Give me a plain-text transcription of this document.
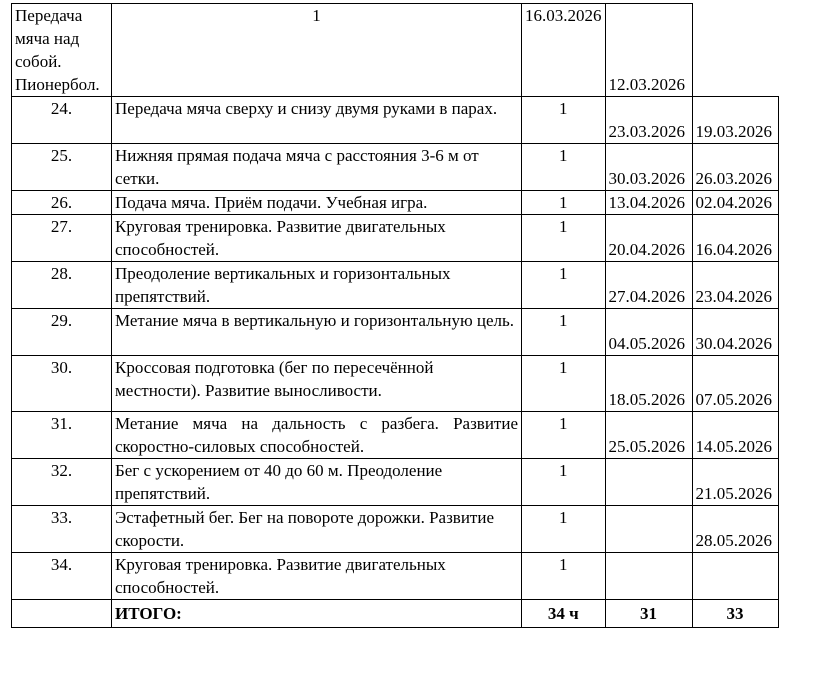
Передача мяча над собой. Пионербол.	1	16.03.2026	12.03.2026	
24.	Передача мяча сверху и снизу двумя руками в парах.	1	23.03.2026	19.03.2026
25.	Нижняя прямая подача мяча с расстояния 3-6 м от сетки.	1	30.03.2026	26.03.2026
26.	Подача мяча. Приём подачи. Учебная игра.	1	13.04.2026	02.04.2026
27.	Круговая тренировка. Развитие двигательных способностей.	1	20.04.2026	16.04.2026
28.	Преодоление вертикальных и горизонтальных препятствий.	1	27.04.2026	23.04.2026
29.	Метание мяча в вертикальную и горизонтальную цель.	1	04.05.2026	30.04.2026
30.	Кроссовая подготовка (бег по пересечённой местности). Развитие выносливости.	1	18.05.2026	07.05.2026
31.	Метание мяча на дальность с разбега. Развитие скоростно-силовых способностей.	1	25.05.2026	14.05.2026
32.	Бег с ускорением от 40 до 60 м. Преодоление препятствий.	1		21.05.2026
33.	Эстафетный бег. Бег на повороте дорожки. Развитие скорости.	1		28.05.2026
34.	Круговая тренировка. Развитие двигательных способностей.	1		
	ИТОГО:	34 ч	31	33
